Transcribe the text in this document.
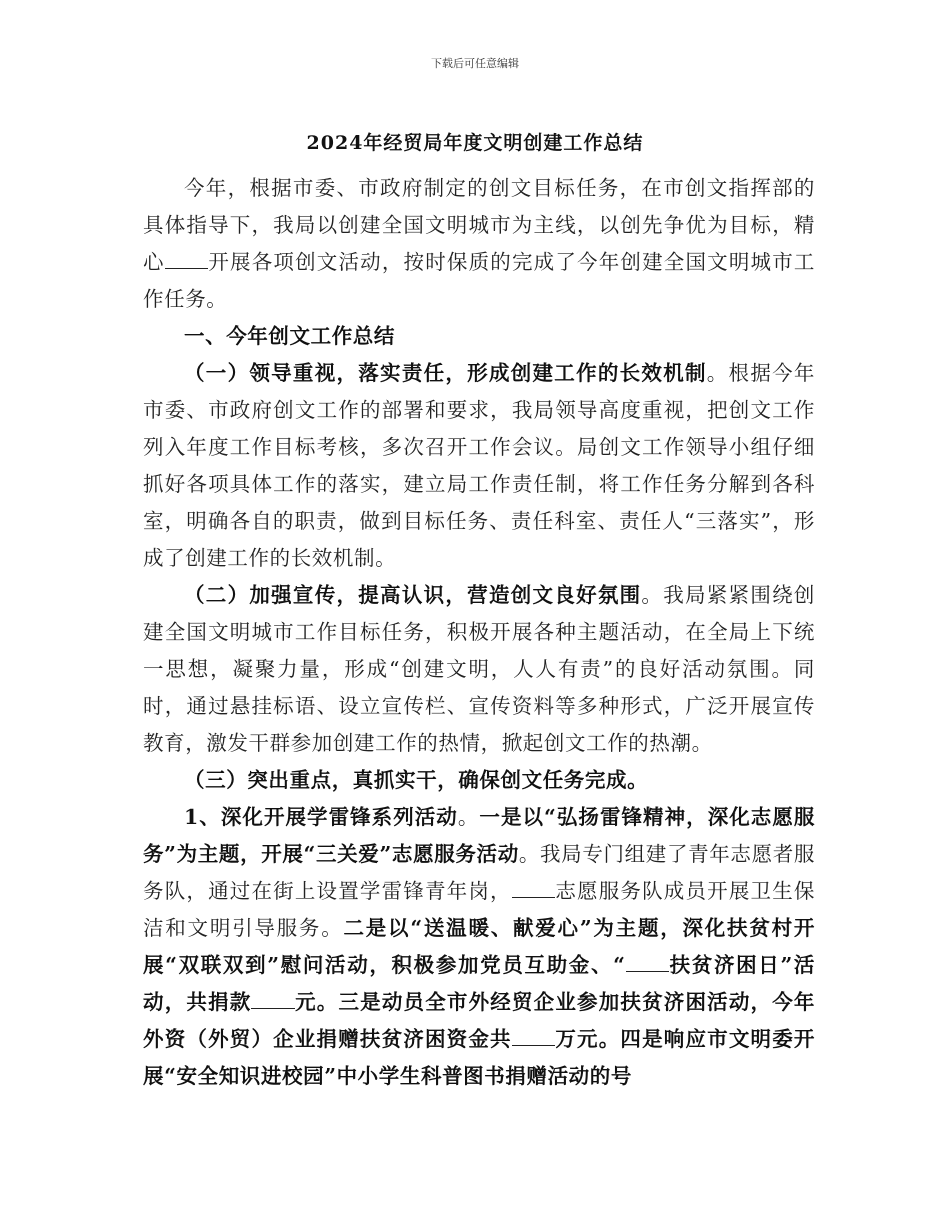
下载后可任意编辑
2024年经贸局年度文明创建工作总结

今年，根据市委、市政府制定的创文目标任务，在市创文指挥部的具体指导下，我局以创建全国文明城市为主线，以创先争优为目标，精心 开展各项创文活动，按时保质的完成了今年创建全国文明城市工作任务。

一、今年创文工作总结

（一）领导重视，落实责任，形成创建工作的长效机制。根据今年市委、市政府创文工作的部署和要求，我局领导高度重视，把创文工作列入年度工作目标考核，多次召开工作会议。局创文工作领导小组仔细抓好各项具体工作的落实，建立局工作责任制，将工作任务分解到各科室，明确各自的职责，做到目标任务、责任科室、责任人“三落实”，形成了创建工作的长效机制。

（二）加强宣传，提高认识，营造创文良好氛围。我局紧紧围绕创建全国文明城市工作目标任务，积极开展各种主题活动，在全局上下统一思想，凝聚力量，形成“创建文明，人人有责”的良好活动氛围。同时，通过悬挂标语、设立宣传栏、宣传资料等多种形式，广泛开展宣传教育，激发干群参加创建工作的热情，掀起创文工作的热潮。

（三）突出重点，真抓实干，确保创文任务完成。

1、深化开展学雷锋系列活动。一是以“弘扬雷锋精神，深化志愿服务”为主题，开展“三关爱”志愿服务活动。我局专门组建了青年志愿者服务队，通过在街上设置学雷锋青年岗， 志愿服务队成员开展卫生保洁和文明引导服务。二是以“送温暖、献爱心”为主题，深化扶贫村开展“双联双到”慰问活动，积极参加党员互助金、“ 扶贫济困日”活动，共捐款 元。三是动员全市外经贸企业参加扶贫济困活动，今年外资（外贸）企业捐赠扶贫济困资金共 万元。四是响应市文明委开展“安全知识进校园”中小学生科普图书捐赠活动的号
